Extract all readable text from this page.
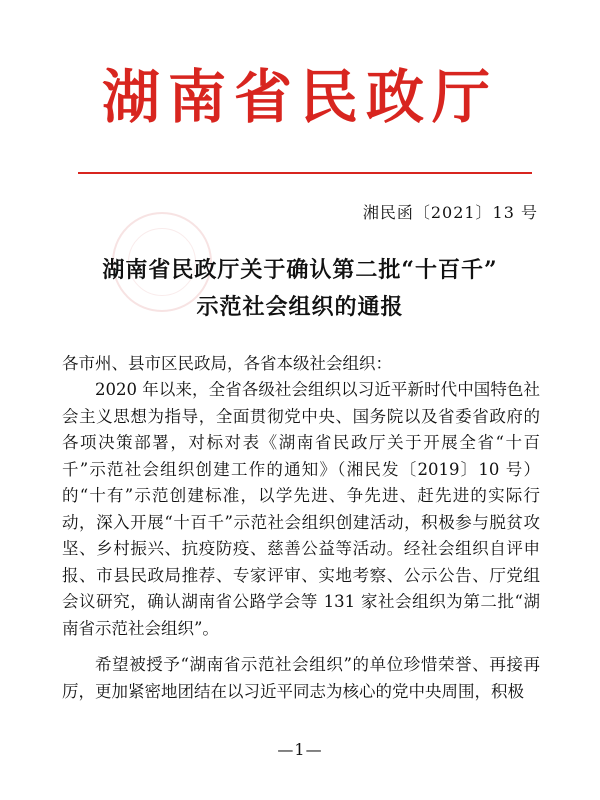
湖南省民政厅
湘民函〔2021〕13 号
湖南省民政厅关于确认第二批“十百千”
示范社会组织的通报
各市州、县市区民政局，各省本级社会组织：

2020 年以来，全省各级社会组织以习近平新时代中国特色社会主义思想为指导，全面贯彻党中央、国务院以及省委省政府的各项决策部署，对标对表《湖南省民政厅关于开展全省“十百千”示范社会组织创建工作的通知》（湘民发〔2019〕10 号）的“十有”示范创建标准，以学先进、争先进、赶先进的实际行动，深入开展“十百千”示范社会组织创建活动，积极参与脱贫攻坚、乡村振兴、抗疫防疫、慈善公益等活动。经社会组织自评申报、市县民政局推荐、专家评审、实地考察、公示公告、厅党组会议研究，确认湖南省公路学会等 131 家社会组织为第二批“湖南省示范社会组织”。

希望被授予“湖南省示范社会组织”的单位珍惜荣誉、再接再厉，更加紧密地团结在以习近平同志为核心的党中央周围，积极

—1—
